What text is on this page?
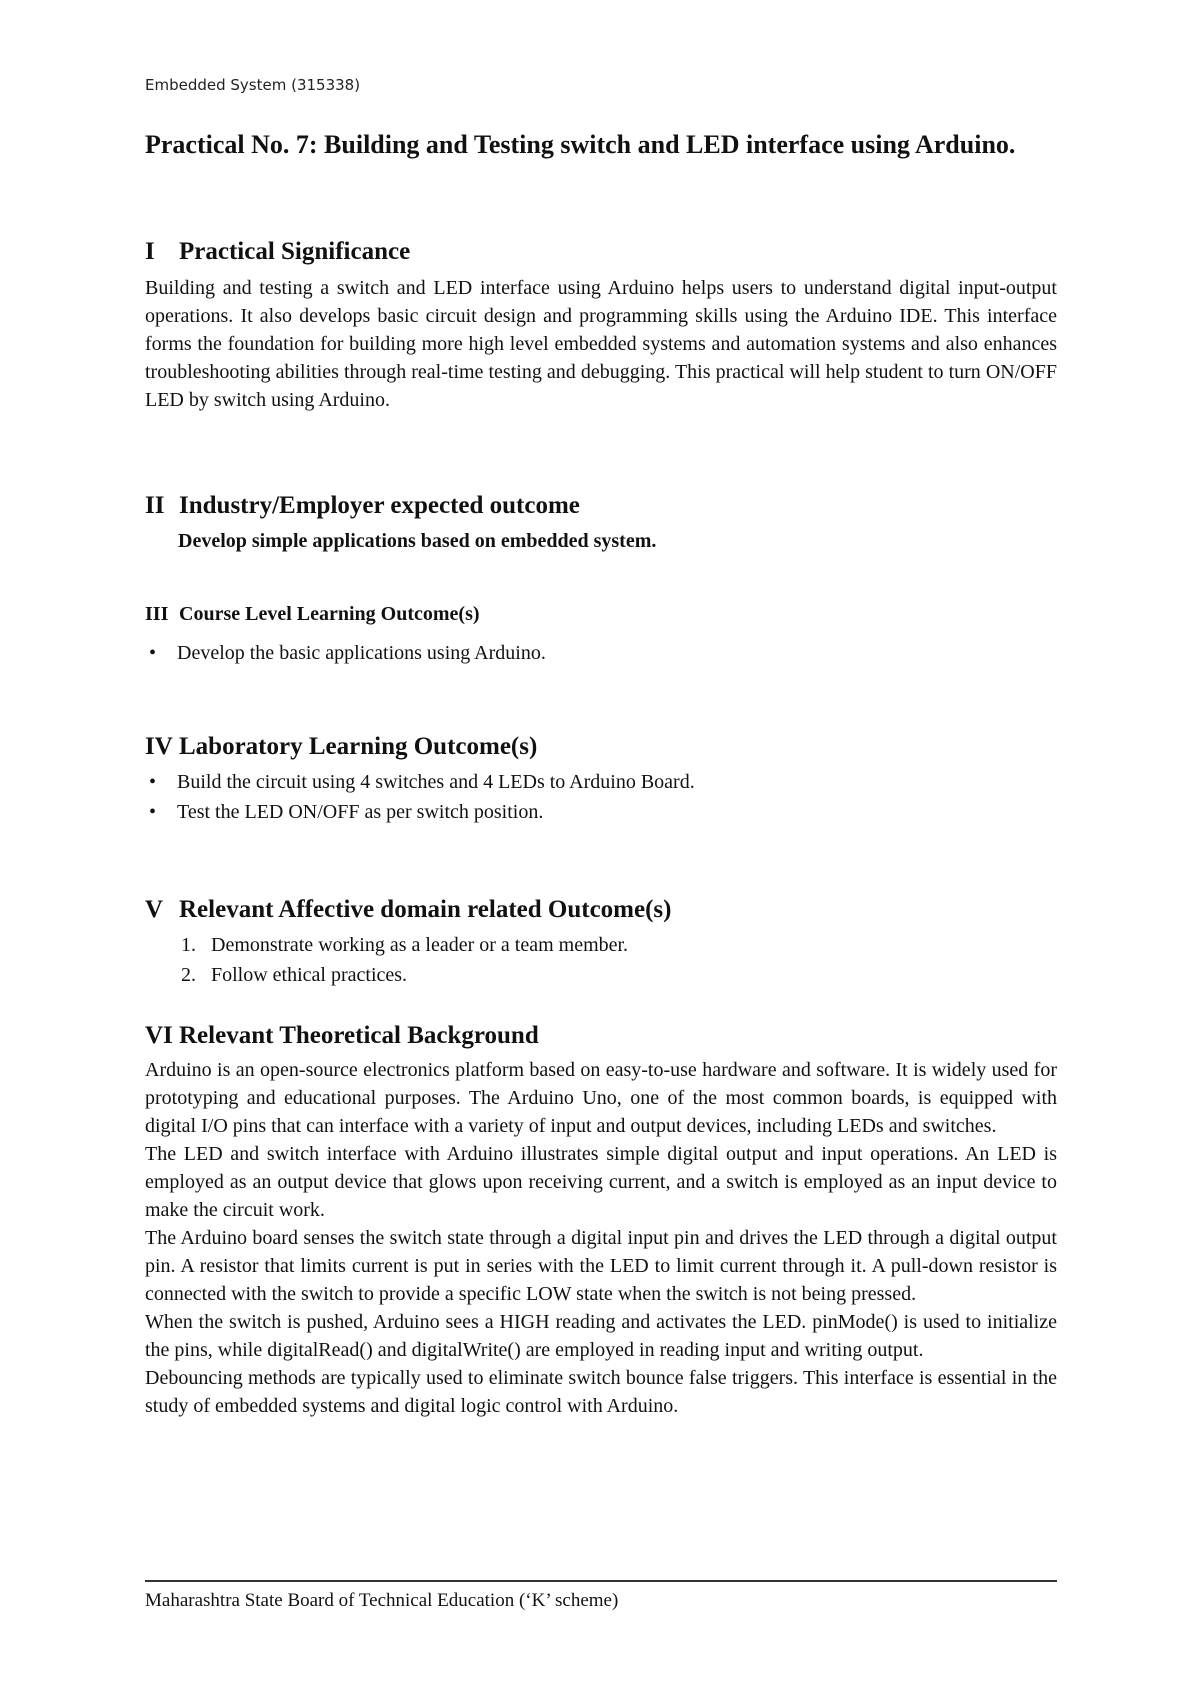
Embedded System (315338)
Practical No. 7: Building and Testing switch and LED interface using Arduino.
I Practical Significance

Building and testing a switch and LED interface using Arduino helps users to understand digital input-output operations. It also develops basic circuit design and programming skills using the Arduino IDE. This interface forms the foundation for building more high level embedded systems and automation systems and also enhances troubleshooting abilities through real-time testing and debugging. This practical will help student to turn ON/OFF LED by switch using Arduino.

II Industry/Employer expected outcome
Develop simple applications based on embedded system.
III Course Level Learning Outcome(s)
• Develop the basic applications using Arduino.
IV Laboratory Learning Outcome(s)
• Build the circuit using 4 switches and 4 LEDs to Arduino Board.
• Test the LED ON/OFF as per switch position.
V Relevant Affective domain related Outcome(s)
1. Demonstrate working as a leader or a team member.
2. Follow ethical practices.
VI Relevant Theoretical Background

Arduino is an open-source electronics platform based on easy-to-use hardware and software. It is widely used for prototyping and educational purposes. The Arduino Uno, one of the most common boards, is equipped with digital I/O pins that can interface with a variety of input and output devices, including LEDs and switches.

The LED and switch interface with Arduino illustrates simple digital output and input operations. An LED is employed as an output device that glows upon receiving current, and a switch is employed as an input device to make the circuit work.

The Arduino board senses the switch state through a digital input pin and drives the LED through a digital output pin. A resistor that limits current is put in series with the LED to limit current through it. A pull-down resistor is connected with the switch to provide a specific LOW state when the switch is not being pressed.

When the switch is pushed, Arduino sees a HIGH reading and activates the LED. pinMode() is used to initialize the pins, while digitalRead() and digitalWrite() are employed in reading input and writing output.

Debouncing methods are typically used to eliminate switch bounce false triggers. This interface is essential in the study of embedded systems and digital logic control with Arduino.

Maharashtra State Board of Technical Education (‘K’ scheme)
